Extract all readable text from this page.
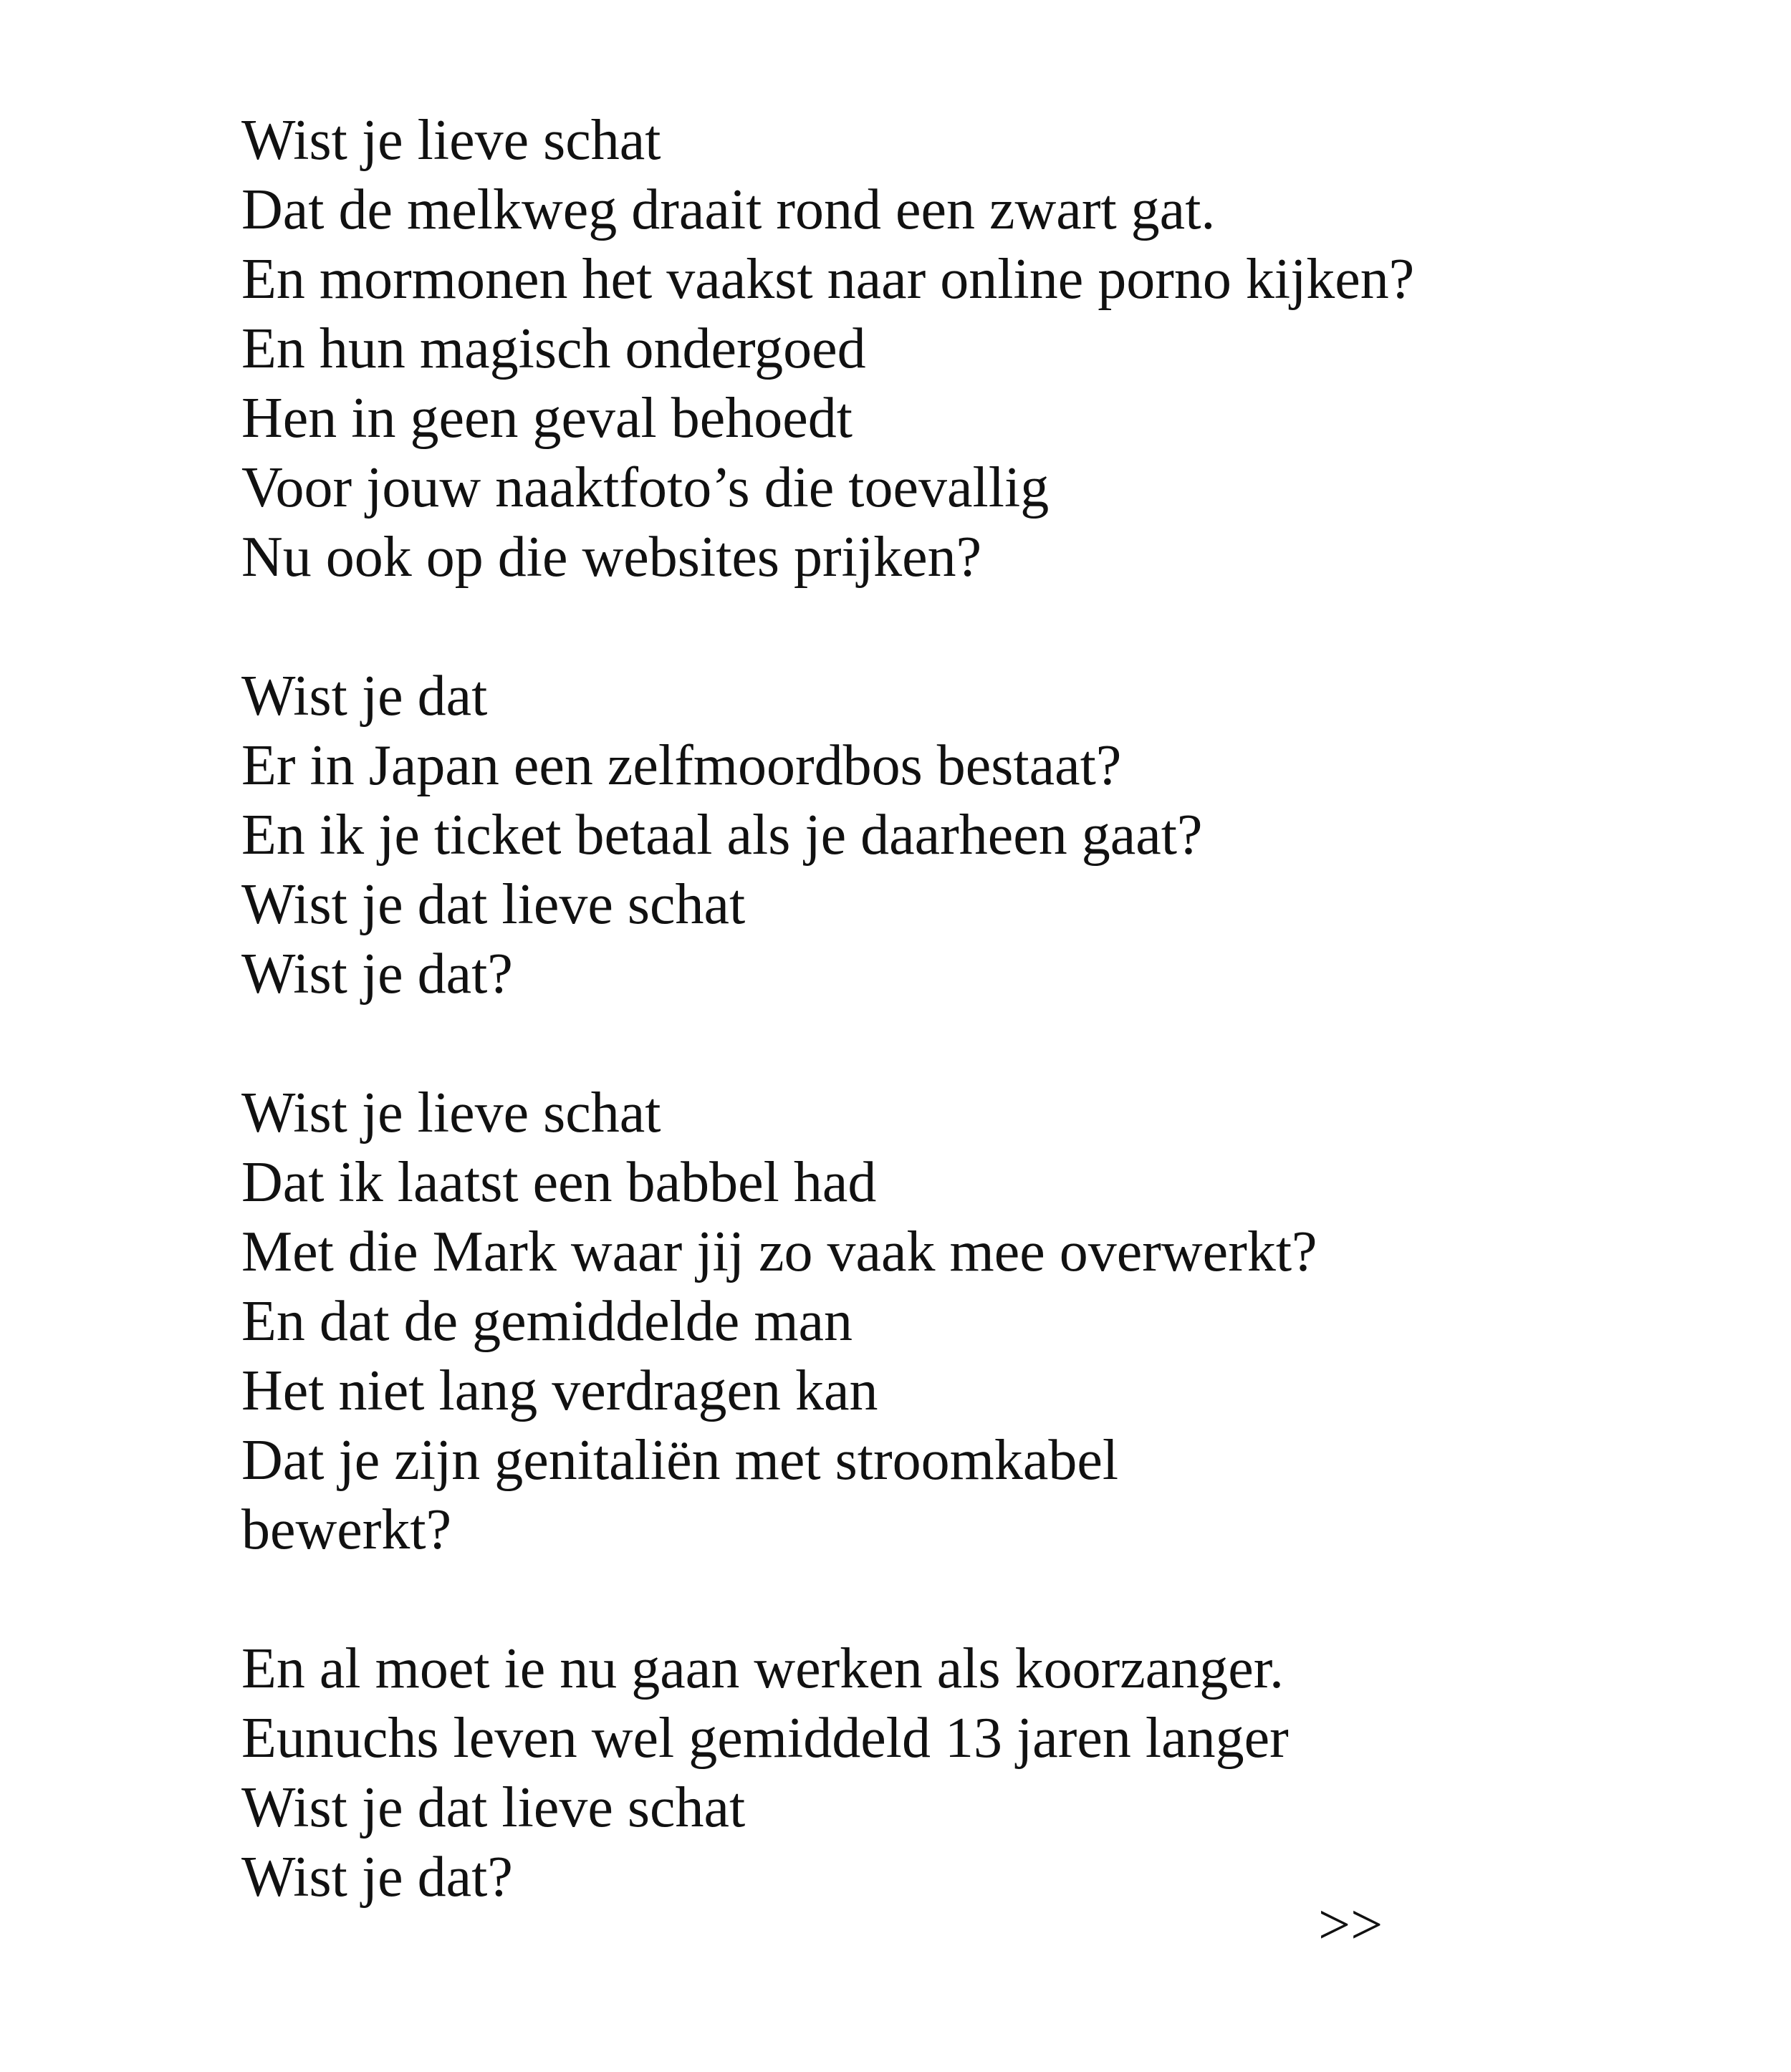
Wist je lieve schat
Dat de melkweg draait rond een zwart gat.
En mormonen het vaakst naar online porno kijken?
En hun magisch ondergoed
Hen in geen geval behoedt
Voor jouw naaktfoto’s die toevallig
Nu ook op die websites prijken?

Wist je dat
Er in Japan een zelfmoordbos bestaat?
En ik je ticket betaal als je daarheen gaat?
Wist je dat lieve schat
Wist je dat?

Wist je lieve schat
Dat ik laatst een babbel had
Met die Mark waar jij zo vaak mee overwerkt?
En dat de gemiddelde man
Het niet lang verdragen kan
Dat je zijn genitaliën met stroomkabel
bewerkt?

En al moet ie nu gaan werken als koorzanger.
Eunuchs leven wel gemiddeld 13 jaren langer
Wist je dat lieve schat
Wist je dat?

>>
